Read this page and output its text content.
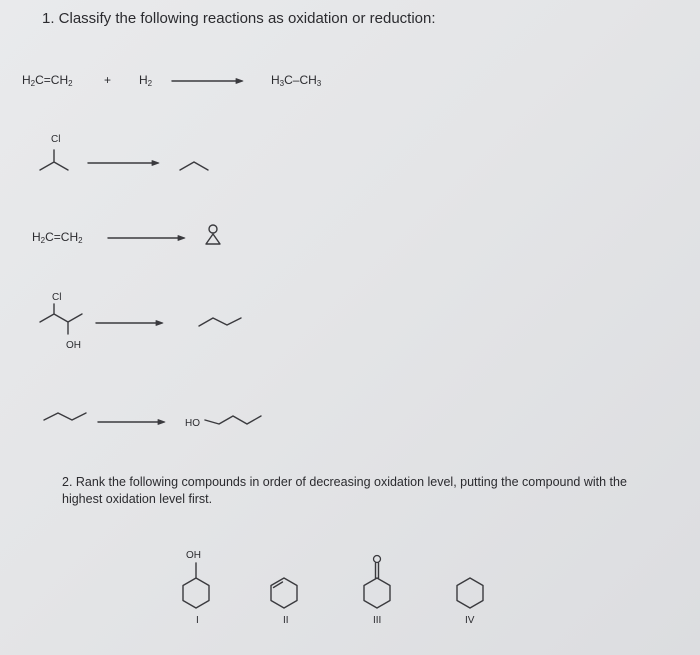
1. Classify the following reactions as oxidation or reduction:
$H_2C=CH_2$	+ $H_2$	$H_3C-CH_3$
Cl
$H_2C=CH_2$
Cl
OH
HO
2. Rank the following compounds in order of decreasing oxidation level, putting the compound with the highest oxidation level first.
OH
I	II	III	IV
